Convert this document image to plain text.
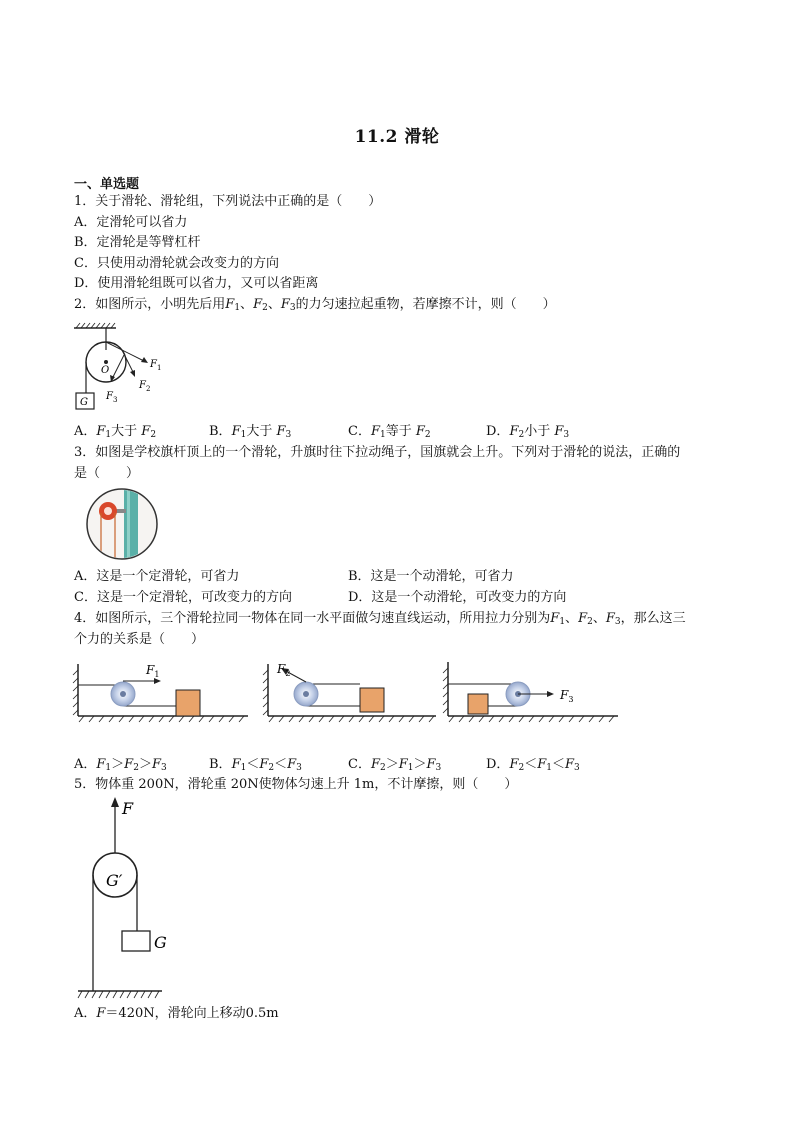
11.2 滑轮
一、单选题
1．关于滑轮、滑轮组，下列说法中正确的是（　　）
A．定滑轮可以省力
B．定滑轮是等臂杠杆
C．只使用动滑轮就会改变力的方向
D．使用滑轮组既可以省力，又可以省距离
2．如图所示，小明先后用$F_1$、$F_2$、$F_3$的力匀速拉起重物，若摩擦不计，则（　　）
O
G
$F_1$
$F_2$
$F_3$
A．$F_1$大于 $F_2$	B．$F_1$大于 $F_3$	C．$F_1$等于 $F_2$	D．$F_2$小于 $F_3$
3．如图是学校旗杆顶上的一个滑轮，升旗时往下拉动绳子，国旗就会上升。下列对于滑轮的说法，正确的
是（　　）
A．这是一个定滑轮，可省力	B．这是一个动滑轮，可省力
C．这是一个定滑轮，可改变力的方向	D．这是一个动滑轮，可改变力的方向
4．如图所示，三个滑轮拉同一物体在同一水平面做匀速直线运动，所用拉力分别为$F_1$、$F_2$、$F_3$，那么这三
个力的关系是（　　）
$F_1$	$F_2$
$F_3$
A．$F_1>F_2>F_3$	B．$F_1<F_2<F_3$	C．$F_2>F_1>F_3$	D．$F_2<F_1<F_3$
5．物体重 200N，滑轮重 20N使物体匀速上升 1m，不计摩擦，则（　　）
F
G′
G
A．F＝420N，滑轮向上移动0.5m
